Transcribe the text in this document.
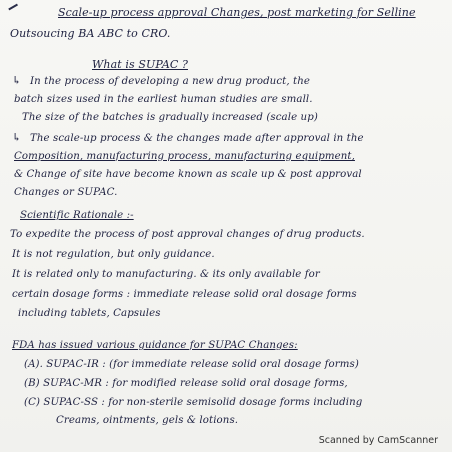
Scale-up process approval Changes, post marketing for Selline
Outsoucing BA ABC to CRO.
What is SUPAC ?
↳ In the process of developing a new drug product, the
batch sizes used in the earliest human studies are small.
The size of the batches is gradually increased (scale up)
↳ The scale-up process & the changes made after approval in the
Composition, manufacturing process, manufacturing equipment,
& Change of site have become known as scale up & post approval
Changes or SUPAC.
Scientific Rationale :-
To expedite the process of post approval changes of drug products.
It is not regulation, but only guidance.
It is related only to manufacturing. & its only available for
certain dosage forms : immediate release solid oral dosage forms
including tablets, Capsules
FDA has issued various guidance for SUPAC Changes:
(A). SUPAC-IR : (for immediate release solid oral dosage forms)
(B) SUPAC-MR : for modified release solid oral dosage forms,
(C) SUPAC-SS : for non-sterile semisolid dosage forms including
Creams, ointments, gels & lotions.
Scanned by CamScanner
